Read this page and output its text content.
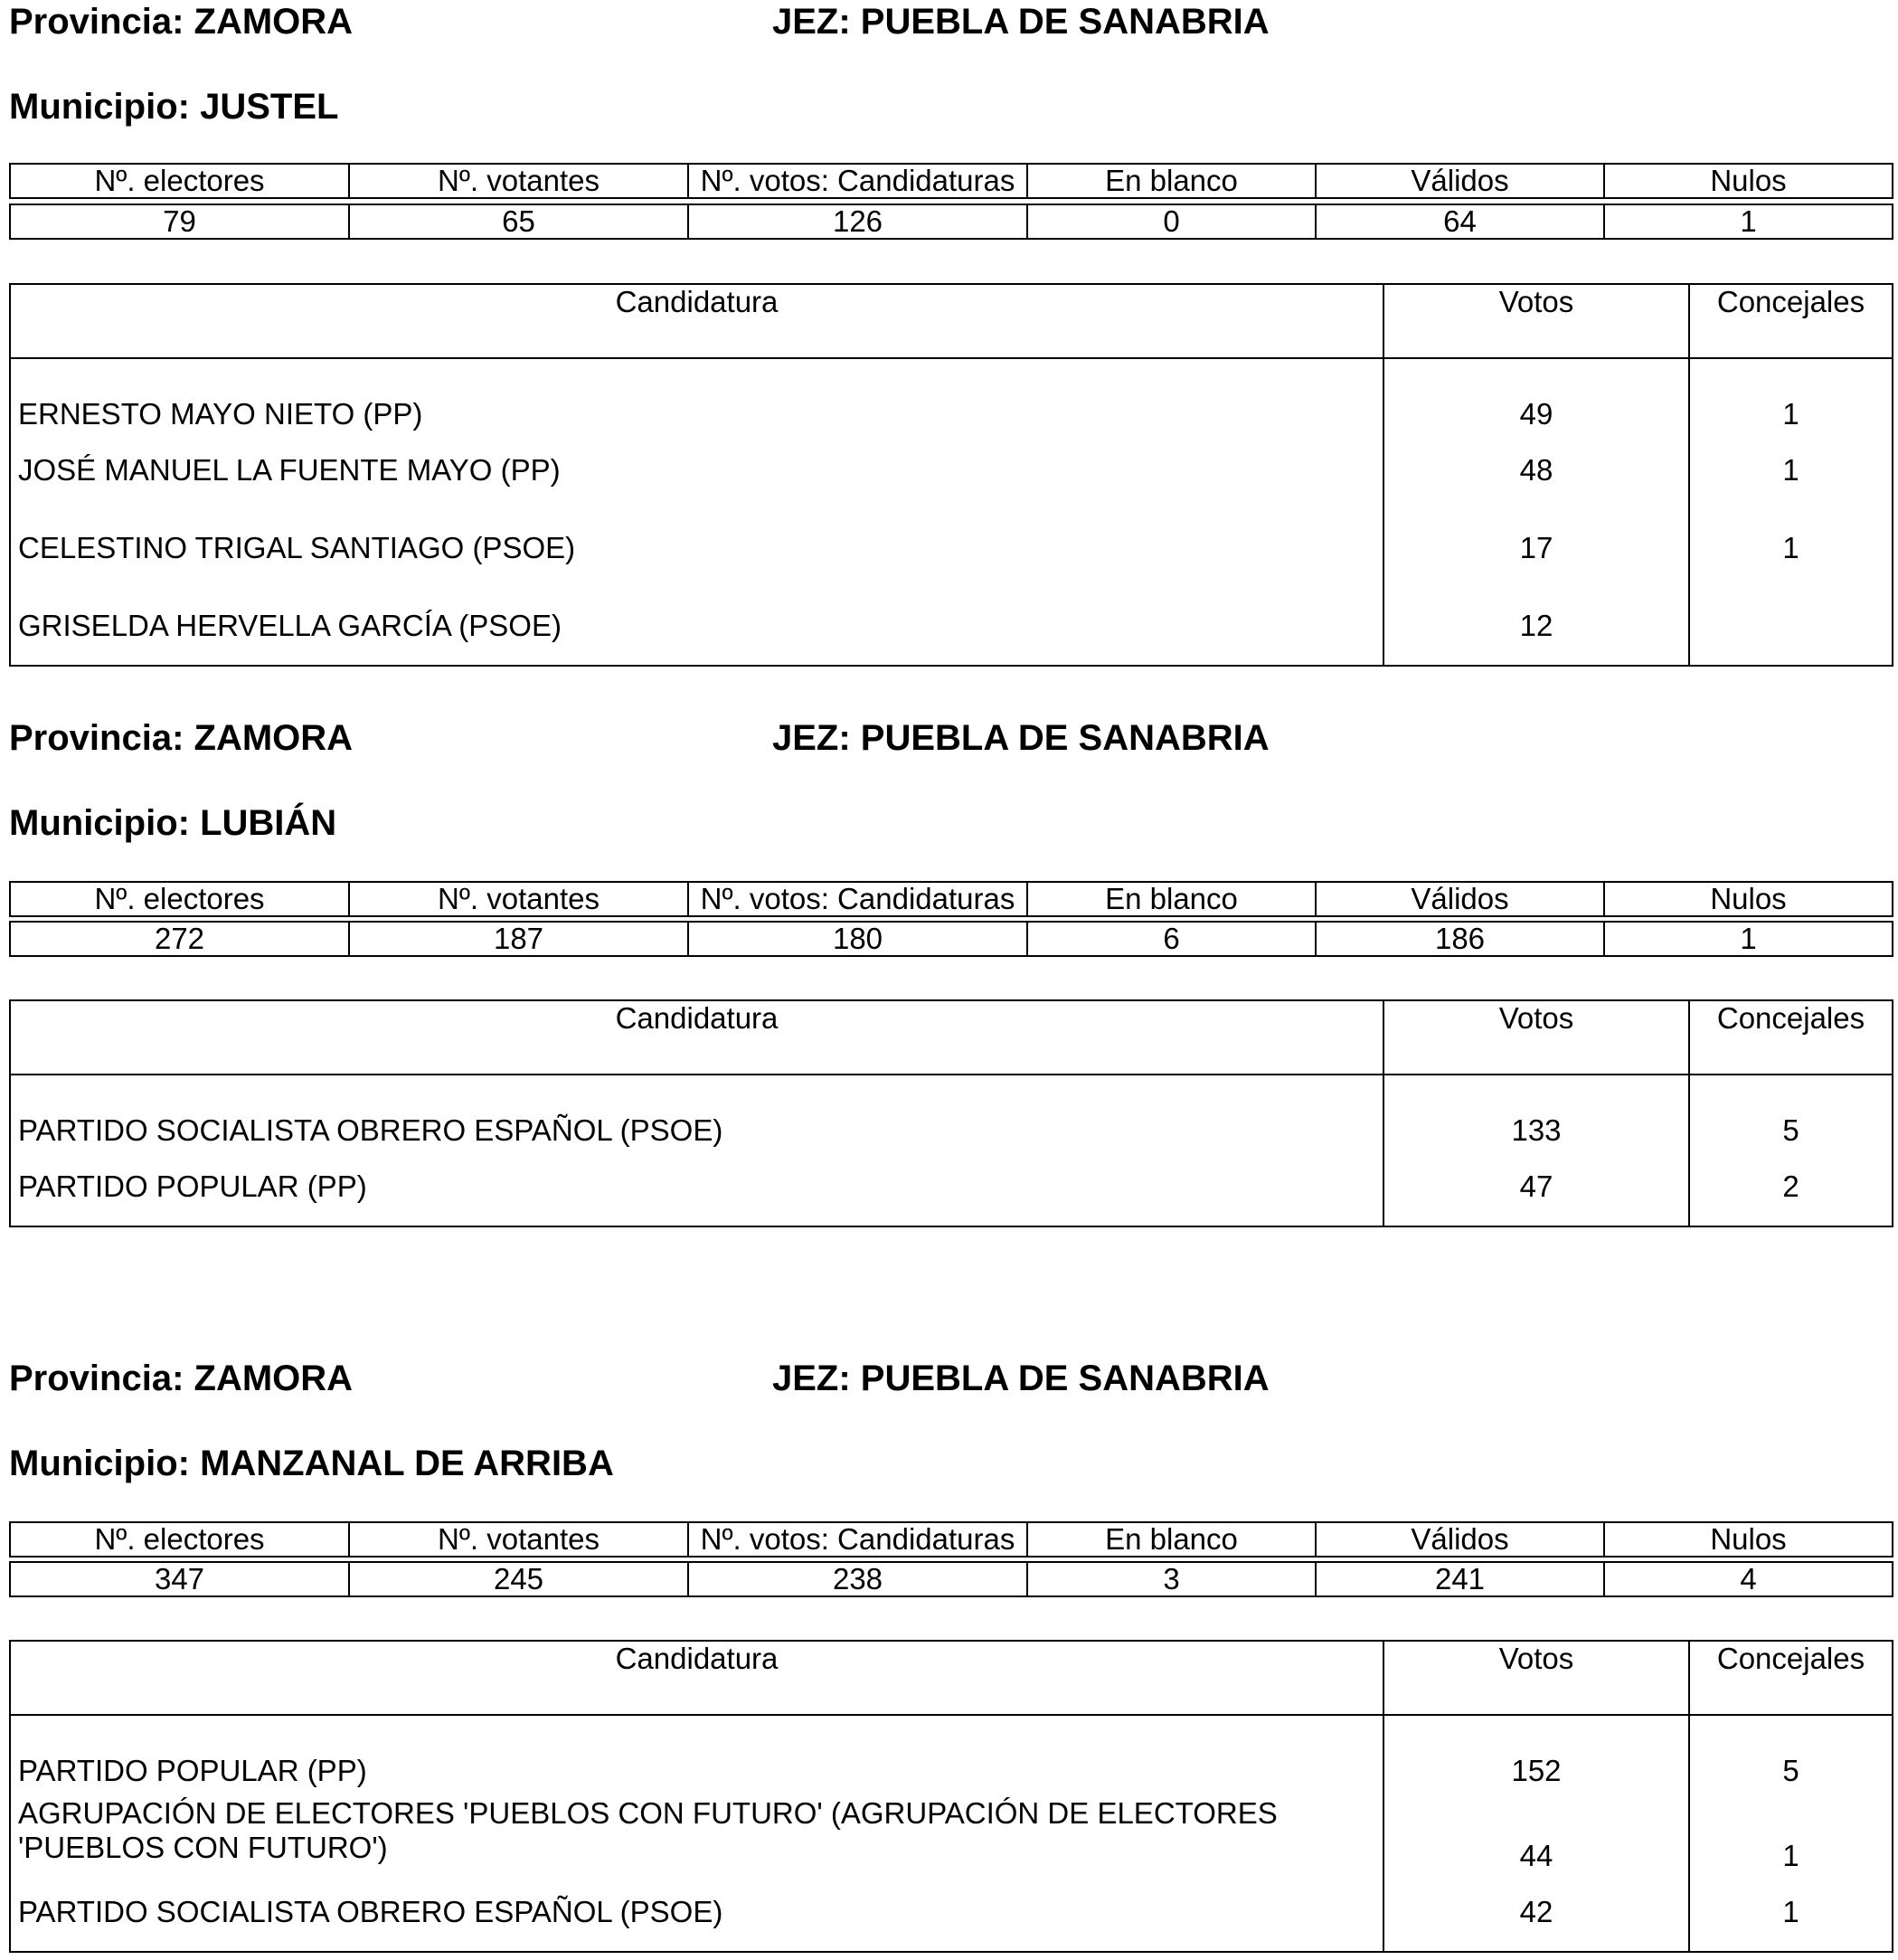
Provincia: ZAMORA	JEZ: PUEBLA DE SANABRIA
Municipio: JUSTEL
Nº. electores	Nº. votantes	Nº. votos: Candidaturas	En blanco	Válidos	Nulos
79	65	126	0	64	1
Candidatura	Votos	Concejales
ERNESTO MAYO NIETO (PP)	49	1
JOSÉ MANUEL LA FUENTE MAYO (PP)	48	1
CELESTINO TRIGAL SANTIAGO (PSOE)	17	1
GRISELDA HERVELLA GARCÍA (PSOE)	12	
Provincia: ZAMORA	JEZ: PUEBLA DE SANABRIA
Municipio: LUBIÁN
Nº. electores	Nº. votantes	Nº. votos: Candidaturas	En blanco	Válidos	Nulos
272	187	180	6	186	1
Candidatura	Votos	Concejales
PARTIDO SOCIALISTA OBRERO ESPAÑOL (PSOE)	133	5
PARTIDO POPULAR (PP)	47	2
Provincia: ZAMORA	JEZ: PUEBLA DE SANABRIA
Municipio: MANZANAL DE ARRIBA
Nº. electores	Nº. votantes	Nº. votos: Candidaturas	En blanco	Válidos	Nulos
347	245	238	3	241	4
Candidatura	Votos	Concejales
PARTIDO POPULAR (PP)	152	5
AGRUPACIÓN DE ELECTORES 'PUEBLOS CON FUTURO' (AGRUPACIÓN DE ELECTORES 'PUEBLOS CON FUTURO')	44	1
PARTIDO SOCIALISTA OBRERO ESPAÑOL (PSOE)	42	1
